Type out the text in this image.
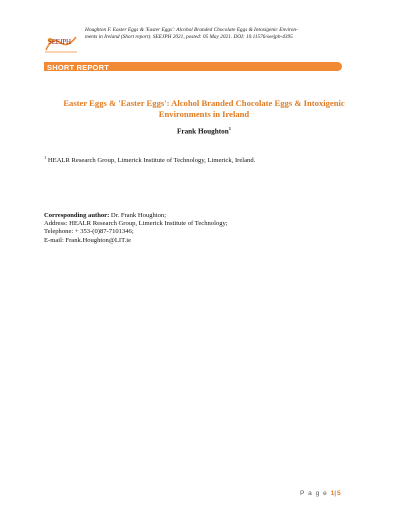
SEEJPH
Houghton F. Easter Eggs & 'Easter Eggs': Alcohol Branded Chocolate Eggs & Intoxigenic Environ-
ments in Ireland (Short report). SEEJPH 2021, posted: 05 May 2021. DOI: 10.11576/seejph-4395
SHORT REPORT
Easter Eggs & 'Easter Eggs': Alcohol Branded Chocolate Eggs & Intoxigenic
Environments in Ireland
Frank Houghton$^1$
$^1$ HEALR Research Group, Limerick Institute of Technology, Limerick, Ireland.
Corresponding author: Dr. Frank Houghton;
Address: HEALR Research Group, Limerick Institute of Technology;
Telephone: + 353-(0)87-7101346;
E-mail: Frank.Houghton@LIT.ie
P a g e 1|5
